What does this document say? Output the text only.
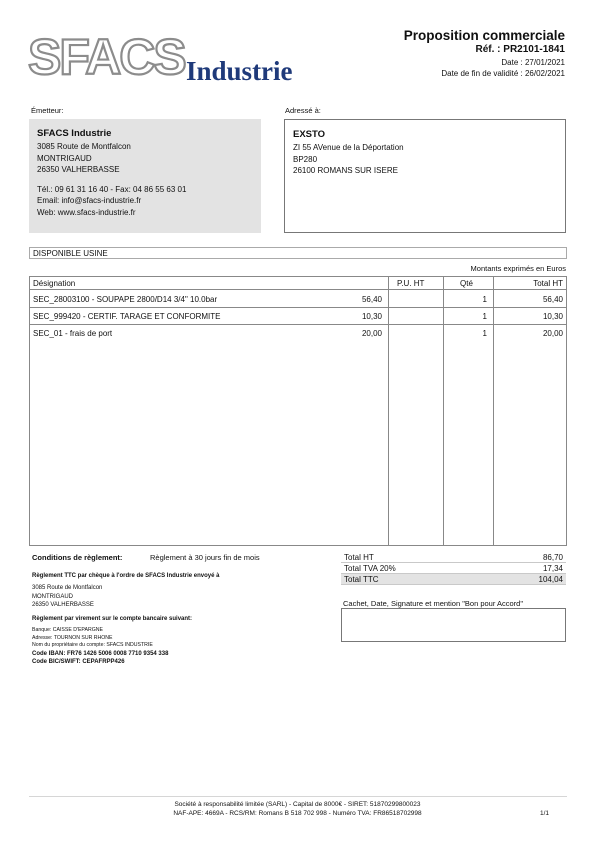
SFACS Industrie
Proposition commerciale
Réf. : PR2101-1841
Date : 27/01/2021
Date de fin de validité : 26/02/2021
Émetteur:
SFACS Industrie
3085 Route de Montfalcon
MONTRIGAUD
26350 VALHERBASSE
Tél.: 09 61 31 16 40 - Fax: 04 86 55 63 01
Email: info@sfacs-industrie.fr
Web: www.sfacs-industrie.fr
Adressé à:
EXSTO
ZI 55 AVenue de la Déportation
BP280
26100 ROMANS SUR ISERE
DISPONIBLE USINE
Montants exprimés en Euros
Désignation	P.U. HT	Qté	Total HT
SEC_28003100 - SOUPAPE 2800/D14 3/4" 10.0bar	56,40	1	56,40
SEC_999420 - CERTIF. TARAGE ET CONFORMITE	10,30	1	10,30
SEC_01 - frais de port	20,00	1	20,00
Conditions de règlement:	Règlement à 30 jours fin de mois
Règlement TTC par chèque à l'ordre de SFACS Industrie envoyé à
3085 Route de Montfalcon
MONTRIGAUD
26350 VALHERBASSE
Règlement par virement sur le compte bancaire suivant:
Banque: CAISSE D'EPARGNE
Adresse: TOURNON SUR RHONE
Nom du propriétaire du compte: SFACS INDUSTRIE
Code IBAN: FR76 1426 5006 0008 7710 9354 338
Code BIC/SWIFT: CEPAFRPP426
Total HT	86,70
Total TVA 20%	17,34
Total TTC	104,04
Cachet, Date, Signature et mention "Bon pour Accord"
Société à responsabilité limitée (SARL) - Capital de 8000€ - SIRET: 51870299800023
NAF-APE: 4669A - RCS/RM: Romans B 518 702 998 - Numéro TVA: FR86518702998	1/1
